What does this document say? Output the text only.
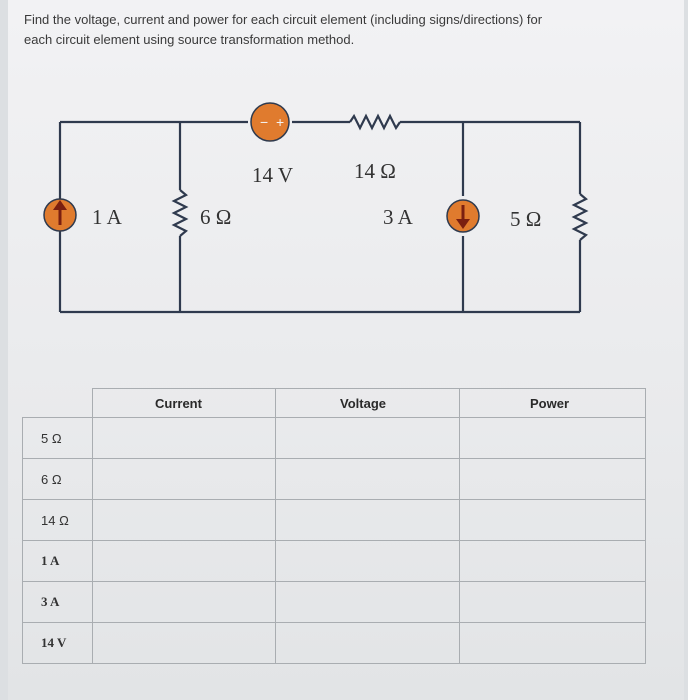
Find the voltage, current and power for each circuit element (including signs/directions) for
each circuit element using source transformation method.
− +
1 A	6 Ω
14 V	14 Ω
3 A	5 Ω
	Current	Voltage	Power
5 Ω			
6 Ω			
14 Ω			
1 A			
3 A			
14 V			
